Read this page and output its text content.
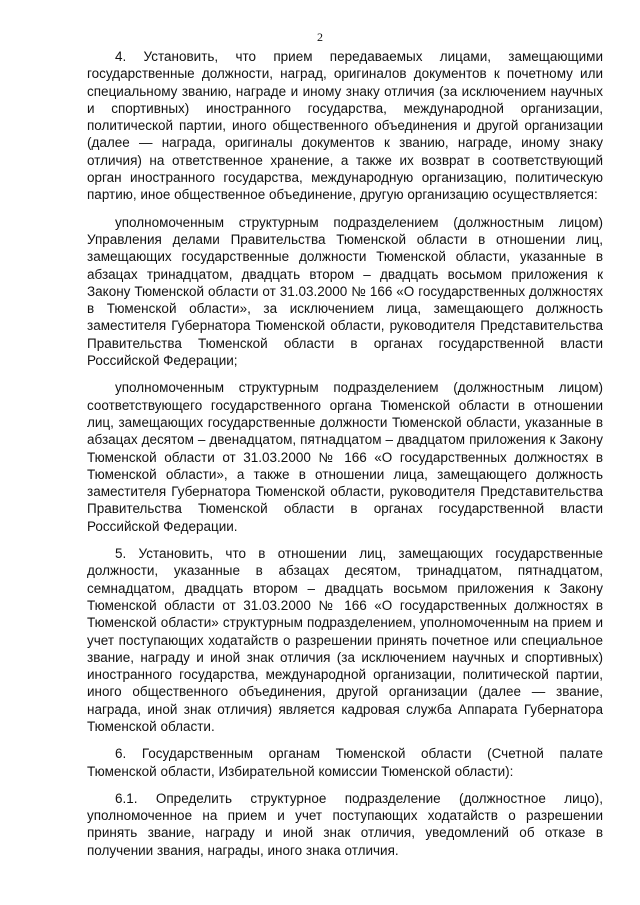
2

4. Установить, что прием передаваемых лицами, замещающими государственные должности, наград, оригиналов документов к почетному или специальному званию, награде и иному знаку отличия (за исключением научных и спортивных) иностранного государства, международной организации, политической партии, иного общественного объединения и другой организации (далее — награда, оригиналы документов к званию, награде, иному знаку отличия) на ответственное хранение, а также их возврат в соответствующий орган иностранного государства, международную организацию, политическую партию, иное общественное объединение, другую организацию осуществляется:

уполномоченным структурным подразделением (должностным лицом) Управления делами Правительства Тюменской области в отношении лиц, замещающих государственные должности Тюменской области, указанные в абзацах тринадцатом, двадцать втором – двадцать восьмом приложения к Закону Тюменской области от 31.03.2000 № 166 «О государственных должностях в Тюменской области», за исключением лица, замещающего должность заместителя Губернатора Тюменской области, руководителя Представительства Правительства Тюменской области в органах государственной власти Российской Федерации;

уполномоченным структурным подразделением (должностным лицом) соответствующего государственного органа Тюменской области в отношении лиц, замещающих государственные должности Тюменской области, указанные в абзацах десятом – двенадцатом, пятнадцатом – двадцатом приложения к Закону Тюменской области от 31.03.2000 № 166 «О государственных должностях в Тюменской области», а также в отношении лица, замещающего должность заместителя Губернатора Тюменской области, руководителя Представительства Правительства Тюменской области в органах государственной власти Российской Федерации.

5. Установить, что в отношении лиц, замещающих государственные должности, указанные в абзацах десятом, тринадцатом, пятнадцатом, семнадцатом, двадцать втором – двадцать восьмом приложения к Закону Тюменской области от 31.03.2000 № 166 «О государственных должностях в Тюменской области» структурным подразделением, уполномоченным на прием и учет поступающих ходатайств о разрешении принять почетное или специальное звание, награду и иной знак отличия (за исключением научных и спортивных) иностранного государства, международной организации, политической партии, иного общественного объединения, другой организации (далее — звание, награда, иной знак отличия) является кадровая служба Аппарата Губернатора Тюменской области.

6. Государственным органам Тюменской области (Счетной палате Тюменской области, Избирательной комиссии Тюменской области):

6.1. Определить структурное подразделение (должностное лицо), уполномоченное на прием и учет поступающих ходатайств о разрешении принять звание, награду и иной знак отличия, уведомлений об отказе в получении звания, награды, иного знака отличия.
